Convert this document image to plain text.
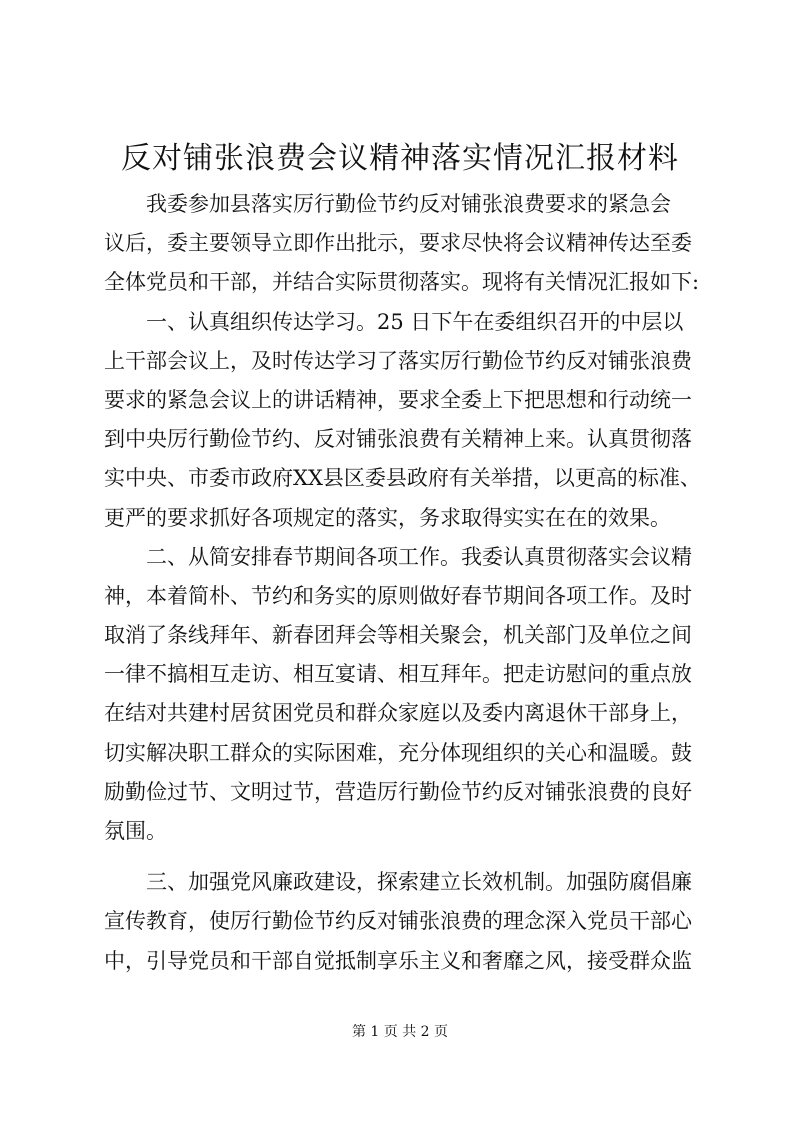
反对铺张浪费会议精神落实情况汇报材料
我委参加县落实厉行勤俭节约反对铺张浪费要求的紧急会
议后，委主要领导立即作出批示，要求尽快将会议精神传达至委
全体党员和干部，并结合实际贯彻落实。现将有关情况汇报如下:
一、认真组织传达学习。25 日下午在委组织召开的中层以
上干部会议上，及时传达学习了落实厉行勤俭节约反对铺张浪费
要求的紧急会议上的讲话精神，要求全委上下把思想和行动统一
到中央厉行勤俭节约、反对铺张浪费有关精神上来。认真贯彻落
实中央、市委市政府XX县区委县政府有关举措，以更高的标准、
更严的要求抓好各项规定的落实，务求取得实实在在的效果。
二、从简安排春节期间各项工作。我委认真贯彻落实会议精
神，本着简朴、节约和务实的原则做好春节期间各项工作。及时
取消了条线拜年、新春团拜会等相关聚会，机关部门及单位之间
一律不搞相互走访、相互宴请、相互拜年。把走访慰问的重点放
在结对共建村居贫困党员和群众家庭以及委内离退休干部身上，
切实解决职工群众的实际困难，充分体现组织的关心和温暖。鼓
励勤俭过节、文明过节，营造厉行勤俭节约反对铺张浪费的良好
氛围。
三、加强党风廉政建设，探索建立长效机制。加强防腐倡廉
宣传教育，使厉行勤俭节约反对铺张浪费的理念深入党员干部心
中，引导党员和干部自觉抵制享乐主义和奢靡之风，接受群众监
第 1 页 共 2 页
